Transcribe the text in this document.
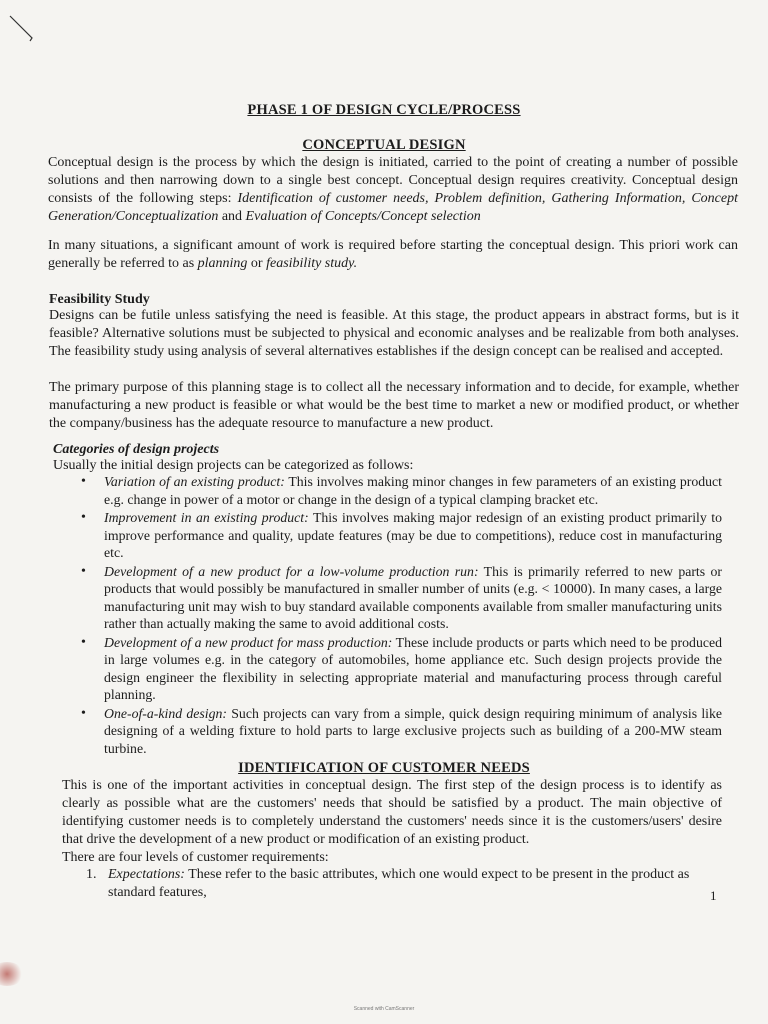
PHASE 1 OF DESIGN CYCLE/PROCESS
CONCEPTUAL DESIGN
Conceptual design is the process by which the design is initiated, carried to the point of creating a number of possible solutions and then narrowing down to a single best concept. Conceptual design requires creativity. Conceptual design consists of the following steps: Identification of customer needs, Problem definition, Gathering Information, Concept Generation/Conceptualization and Evaluation of Concepts/Concept selection
In many situations, a significant amount of work is required before starting the conceptual design. This priori work can generally be referred to as planning or feasibility study.
Feasibility Study
Designs can be futile unless satisfying the need is feasible. At this stage, the product appears in abstract forms, but is it feasible? Alternative solutions must be subjected to physical and economic analyses and be realizable from both analyses. The feasibility study using analysis of several alternatives establishes if the design concept can be realised and accepted.
The primary purpose of this planning stage is to collect all the necessary information and to decide, for example, whether manufacturing a new product is feasible or what would be the best time to market a new or modified product, or whether the company/business has the adequate resource to manufacture a new product.
Categories of design projects
Usually the initial design projects can be categorized as follows:
• Variation of an existing product: This involves making minor changes in few parameters of an existing product e.g. change in power of a motor or change in the design of a typical clamping bracket etc.
• Improvement in an existing product: This involves making major redesign of an existing product primarily to improve performance and quality, update features (may be due to competitions), reduce cost in manufacturing etc.
• Development of a new product for a low-volume production run: This is primarily referred to new parts or products that would possibly be manufactured in smaller number of units (e.g. < 10000). In many cases, a large manufacturing unit may wish to buy standard available components available from smaller manufacturing units rather than actually making the same to avoid additional costs.
• Development of a new product for mass production: These include products or parts which need to be produced in large volumes e.g. in the category of automobiles, home appliance etc. Such design projects provide the design engineer the flexibility in selecting appropriate material and manufacturing process through careful planning.
• One-of-a-kind design: Such projects can vary from a simple, quick design requiring minimum of analysis like designing of a welding fixture to hold parts to large exclusive projects such as building of a 200-MW steam turbine.
IDENTIFICATION OF CUSTOMER NEEDS
This is one of the important activities in conceptual design. The first step of the design process is to identify as clearly as possible what are the customers' needs that should be satisfied by a product. The main objective of identifying customer needs is to completely understand the customers' needs since it is the customers/users' desire that drive the development of a new product or modification of an existing product.
There are four levels of customer requirements:
1. Expectations: These refer to the basic attributes, which one would expect to be present in the product as standard features,	1
Scanned with CamScanner
